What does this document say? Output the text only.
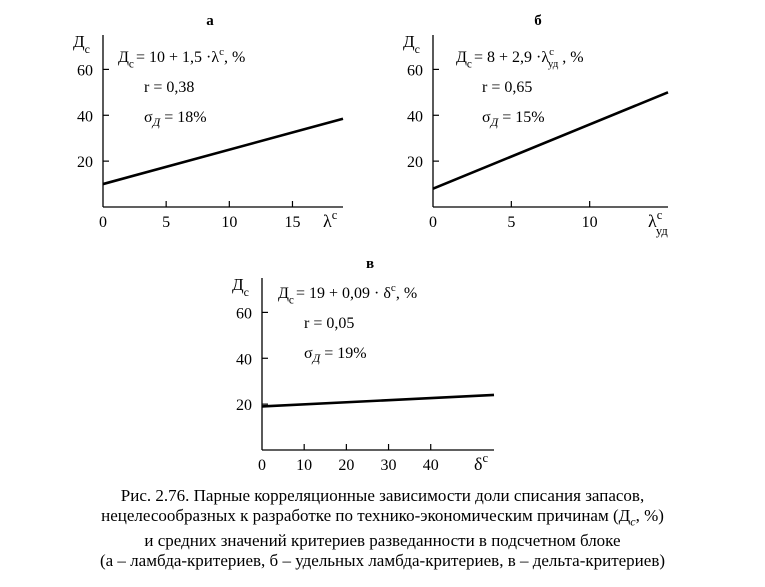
а
20
40
60
0	5	10	15
$Д_с$
$\lambda^с$
$Д_с = 10 + 1,5 \cdot\lambda^с$, %
r = 0,38
$\sigma_Д = 18\%$
б
20
40
60
0	5	10
$Д_с$
$\lambda^с$ уд
$Д_с = 8 + 2,9 \cdot\lambda^с$ уд , %
r = 0,65
$\sigma_Д = 15\%$
в
20
40
60
0 10 20 30 40
$Д_с$
$\delta^с$
$Д_с = 19 + 0,09 \cdot \delta^с$, %
r = 0,05
$\sigma_Д = 19\%$
Рис. 2.76. Парные корреляционные зависимости доли списания запасов,
нецелесообразных к разработке по технико-экономическим причинам ($Д_c$, %)
и средних значений критериев разведанности в подсчетном блоке
(а – ламбда-критериев, б – удельных ламбда-критериев, в – дельта-критериев)
